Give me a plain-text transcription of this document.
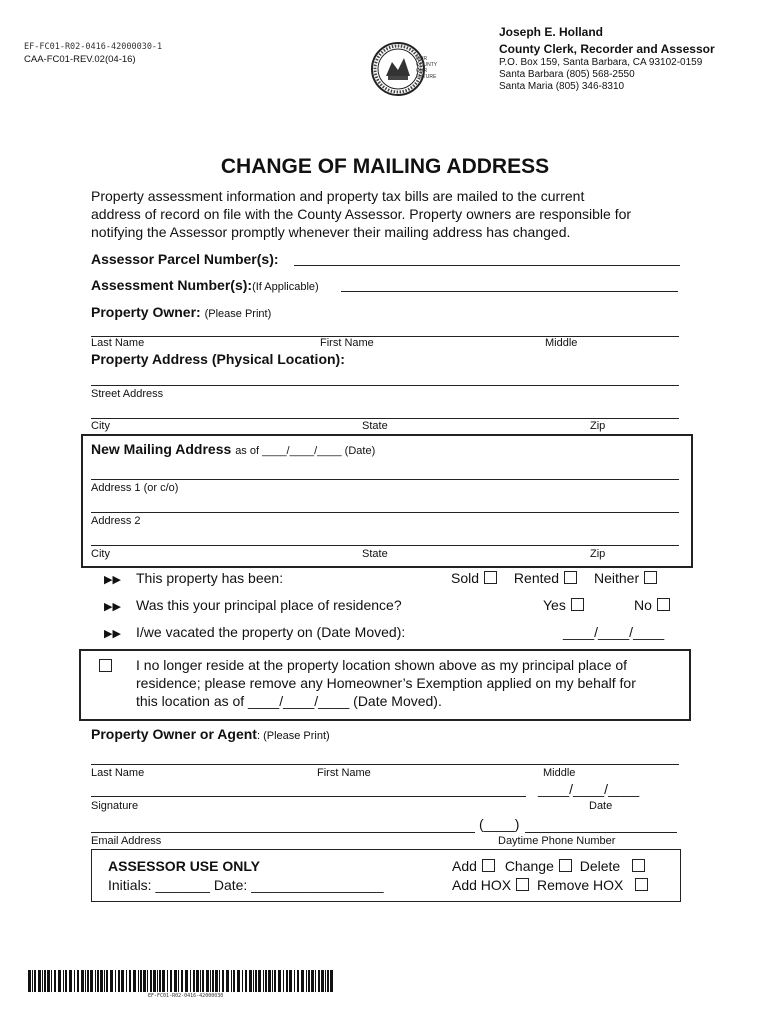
EF-FC01-R02-0416-42000030-1
CAA-FC01-REV.02(04-16)	OUR
COUNTY
OUR
FUTURE
Joseph E. Holland
County Clerk, Recorder and Assessor
P.O. Box 159, Santa Barbara, CA 93102-0159
Santa Barbara (805) 568-2550
Santa Maria (805) 346-8310
CHANGE OF MAILING ADDRESS
Property assessment information and property tax bills are mailed to the current
address of record on file with the County Assessor. Property owners are responsible for
notifying the Assessor promptly whenever their mailing address has changed.
Assessor Parcel Number(s):
Assessment Number(s):(If Applicable)
Property Owner: (Please Print)
Last Name	First Name	Middle
Property Address (Physical Location):
Street Address
City	State	Zip
New Mailing Address as of ____/____/____ (Date)
Address 1 (or c/o)
Address 2
City	State	Zip
▶▶ This property has been:	Sold Rented Neither
▶▶ Was this your principal place of residence?	Yes	No
▶▶ I/we vacated the property on (Date Moved):	____/____/____
I no longer reside at the property location shown above as my principal place of
residence; please remove any Homeowner’s Exemption applied on my behalf for
this location as of ____/____/____ (Date Moved).
Property Owner or Agent: (Please Print)
Last Name	First Name	Middle
____/____/____
Signature	Date
(____)
Email Address	Daytime Phone Number
ASSESSOR USE ONLY
Initials: _______ Date: _________________
Add Change Delete
Add HOX Remove HOX
EF-FC01-R02-0416-42000030
